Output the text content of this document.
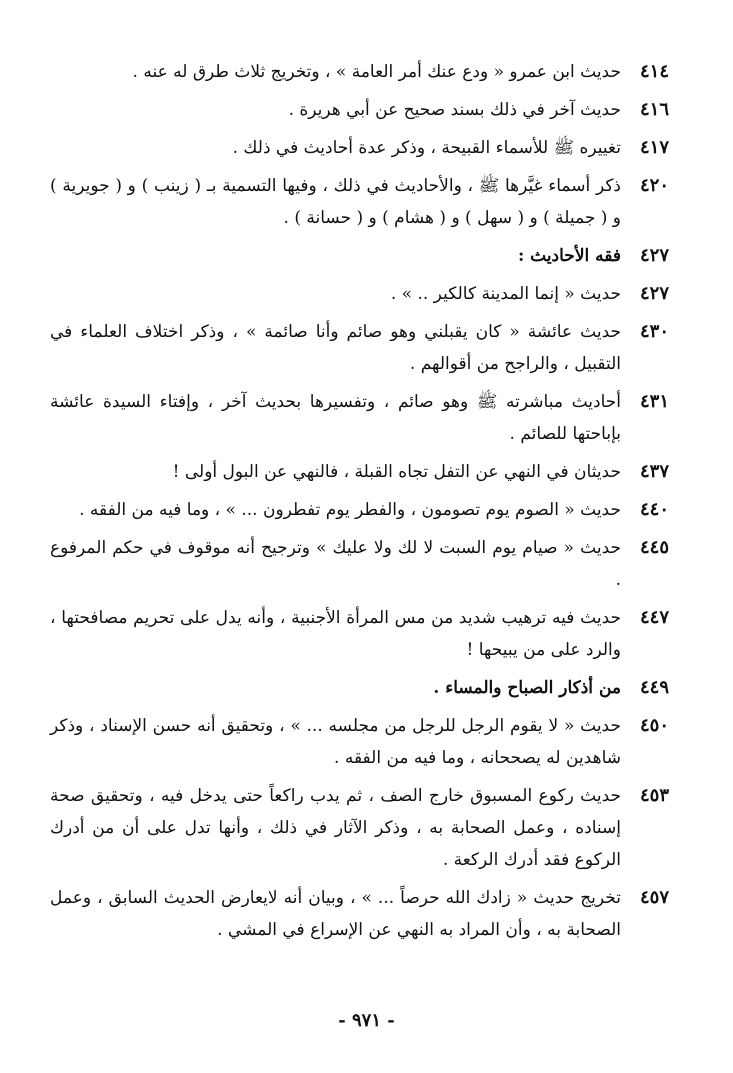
٤١٤
حديث ابن عمرو « ودع عنك أمر العامة » ، وتخريج ثلاث طرق له عنه .
٤١٦
حديث آخر في ذلك بسند صحيح عن أبي هريرة .
٤١٧
تغييره ﷺ للأسماء القبيحة ، وذكر عدة أحاديث في ذلك .
٤٢٠
ذكر أسماء غيَّرها ﷺ ، والأحاديث في ذلك ، وفيها التسمية بـ ( زينب ) و ( جويرية ) و ( جميلة ) و ( سهل ) و ( هشام ) و ( حسانة ) .
٤٢٧
فقه الأحاديث :
٤٢٧
حديث « إنما المدينة كالكير .. » .
٤٣٠
حديث عائشة « كان يقبلني وهو صائم وأنا صائمة » ، وذكر اختلاف العلماء في التقبيل ، والراجح من أقوالهم .
٤٣١
أحاديث مباشرته ﷺ وهو صائم ، وتفسيرها بحديث آخر ، وإفتاء السيدة عائشة بإباحتها للصائم .
٤٣٧
حديثان في النهي عن التفل تجاه القبلة ، فالنهي عن البول أولى !
٤٤٠
حديث « الصوم يوم تصومون ، والفطر يوم تفطرون ... » ، وما فيه من الفقه .
٤٤٥
حديث « صيام يوم السبت لا لك ولا عليك » وترجيح أنه موقوف في حكم المرفوع .
٤٤٧
حديث فيه ترهيب شديد من مس المرأة الأجنبية ، وأنه يدل على تحريم مصافحتها ، والرد على من يبيحها !
٤٤٩
من أذكار الصباح والمساء .
٤٥٠
حديث « لا يقوم الرجل للرجل من مجلسه ... » ، وتحقيق أنه حسن الإسناد ، وذكر شاهدين له يصححانه ، وما فيه من الفقه .
٤٥٣
حديث ركوع المسبوق خارج الصف ، ثم يدب راكعاً حتى يدخل فيه ، وتحقيق صحة إسناده ، وعمل الصحابة به ، وذكر الآثار في ذلك ، وأنها تدل على أن من أدرك الركوع فقد أدرك الركعة .
٤٥٧
تخريج حديث « زادك الله حرصاً ... » ، وبيان أنه لايعارض الحديث السابق ، وعمل الصحابة به ، وأن المراد به النهي عن الإسراع في المشي .
- ٩٧١ -
